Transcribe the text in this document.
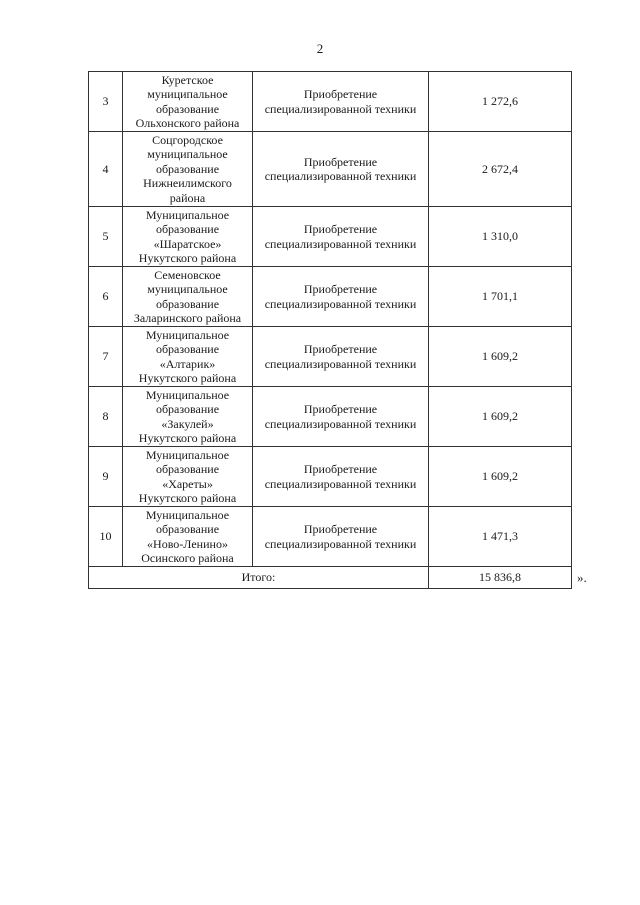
2
3	Куретское
муниципальное
образование
Ольхонского района	Приобретение
специализированной техники	1 272,6
4	Соцгородское
муниципальное
образование
Нижнеилимского
района	Приобретение
специализированной техники	2 672,4
5	Муниципальное
образование
«Шаратское»
Нукутского района	Приобретение
специализированной техники	1 310,0
6	Семеновское
муниципальное
образование
Заларинского района	Приобретение
специализированной техники	1 701,1
7	Муниципальное
образование
«Алтарик»
Нукутского района	Приобретение
специализированной техники	1 609,2
8	Муниципальное
образование
«Закулей»
Нукутского района	Приобретение
специализированной техники	1 609,2
9	Муниципальное
образование
«Хареты»
Нукутского района	Приобретение
специализированной техники	1 609,2
10	Муниципальное
образование
«Ново-Ленино»
Осинского района	Приобретение
специализированной техники	1 471,3
Итого:			15 836,8	».
